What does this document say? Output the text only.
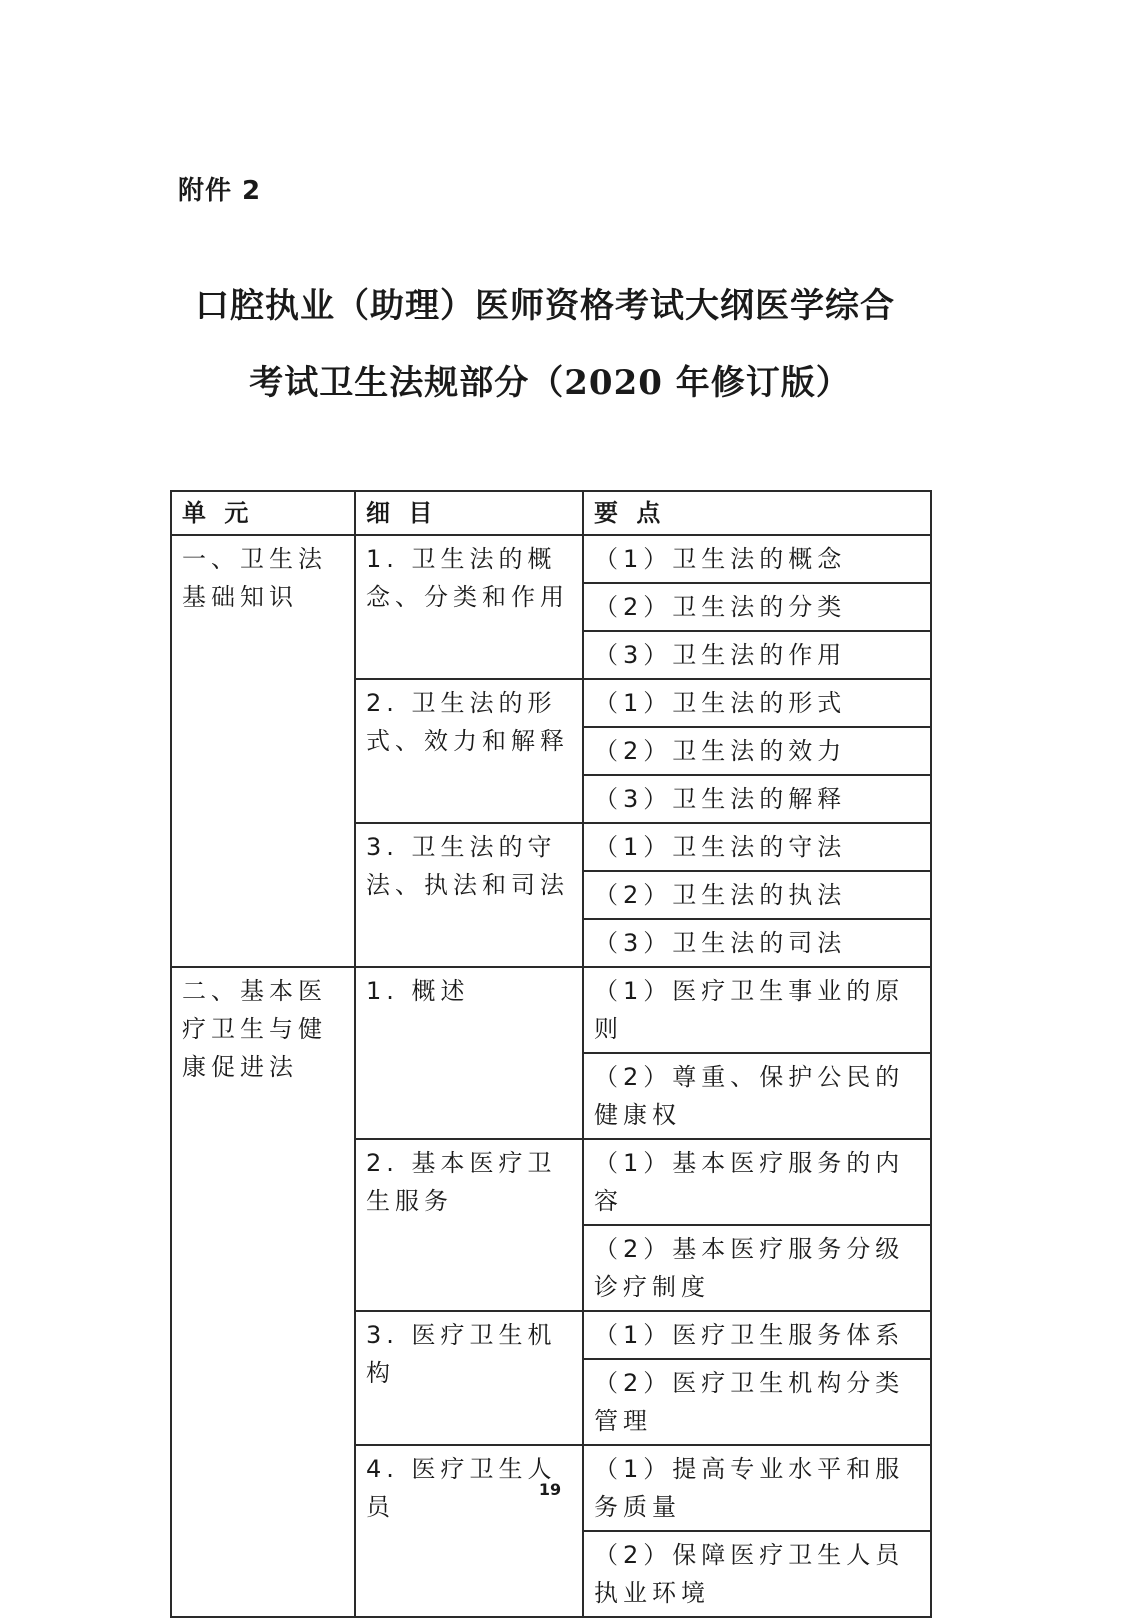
附件 2
口腔执业（助理）医师资格考试大纲医学综合
考试卫生法规部分（2020 年修订版）
单 元	细 目	要 点
一、卫生法基础知识	1. 卫生法的概念、分类和作用	（1）卫生法的概念
		（2）卫生法的分类
		（3）卫生法的作用
	2. 卫生法的形式、效力和解释	（1）卫生法的形式
		（2）卫生法的效力
		（3）卫生法的解释
	3. 卫生法的守法、执法和司法	（1）卫生法的守法
		（2）卫生法的执法
		（3）卫生法的司法
二、基本医疗卫生与健康促进法	1. 概述	（1）医疗卫生事业的原则
		（2）尊重、保护公民的健康权
	2. 基本医疗卫生服务	（1）基本医疗服务的内容
		（2）基本医疗服务分级诊疗制度
	3. 医疗卫生机构	（1）医疗卫生服务体系
		（2）医疗卫生机构分类管理
	4. 医疗卫生人员	（1）提高专业水平和服务质量
		（2）保障医疗卫生人员执业环境
19
